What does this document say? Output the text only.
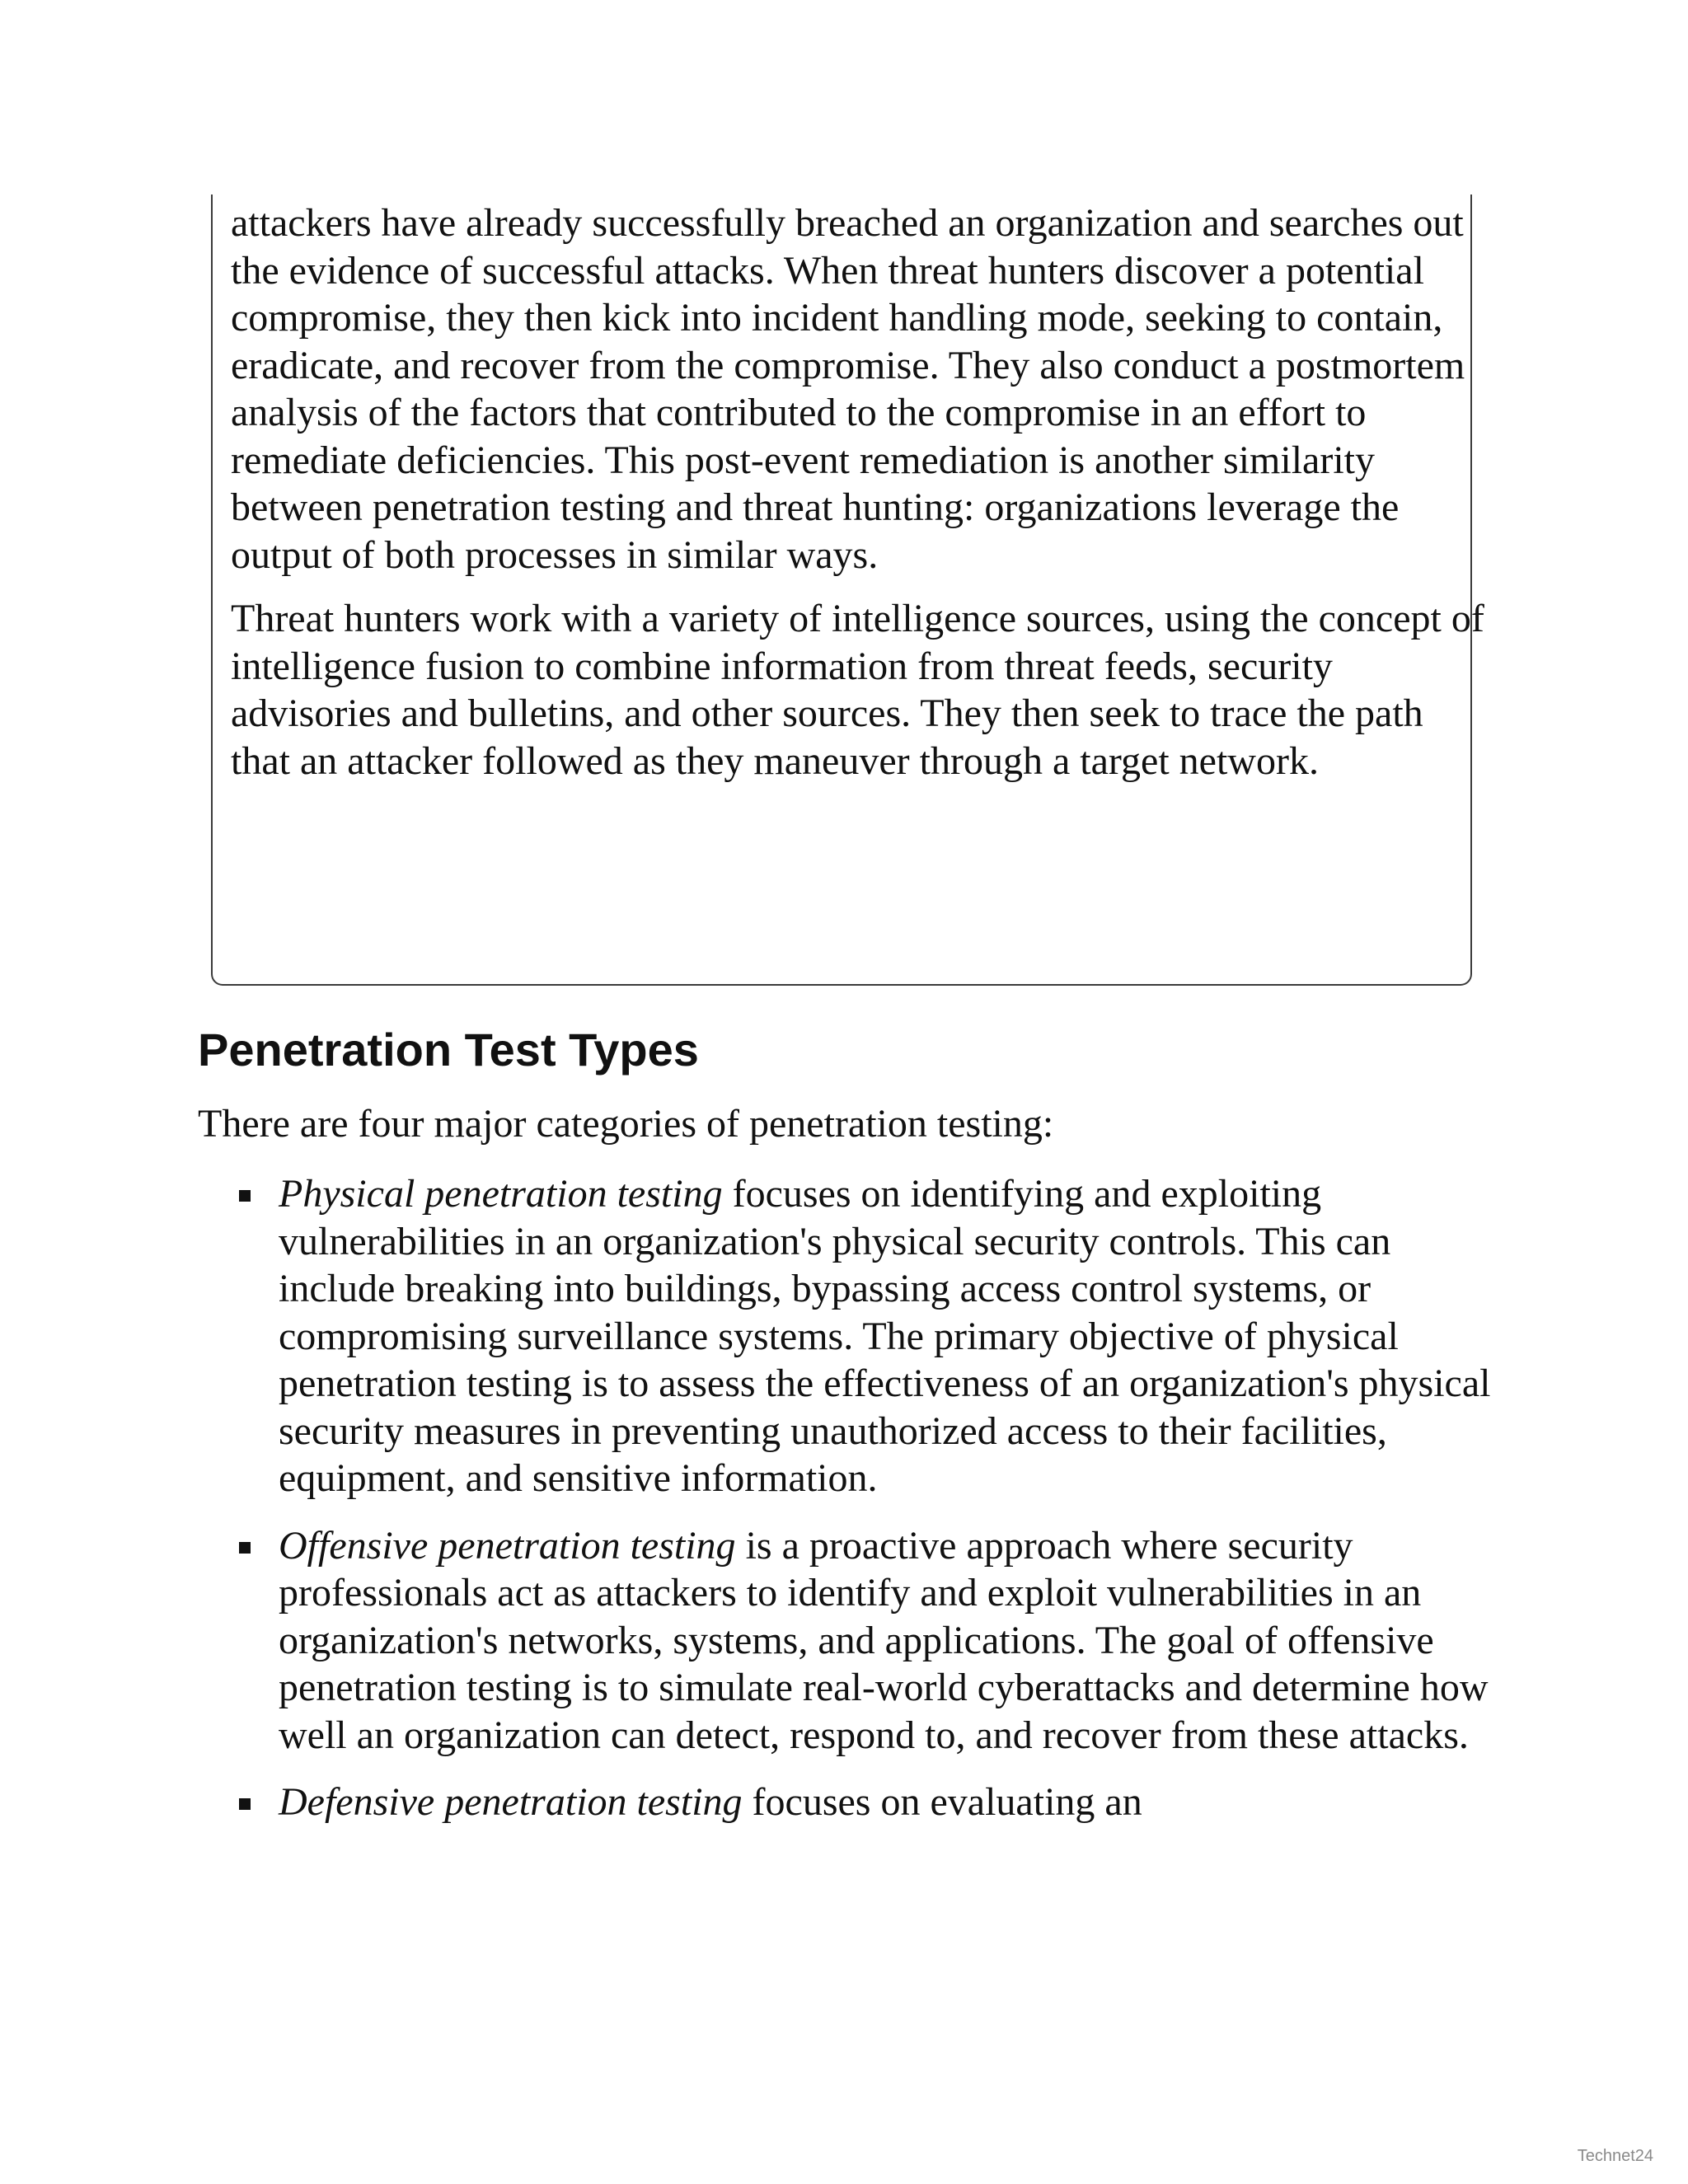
attackers have already successfully breached an organization and searches out the evidence of successful attacks. When threat hunters discover a potential compromise, they then kick into incident handling mode, seeking to contain, eradicate, and recover from the compromise. They also conduct a postmortem analysis of the factors that contributed to the compromise in an effort to remediate deficiencies. This post-event remediation is another similarity between penetration testing and threat hunting: organizations leverage the output of both processes in similar ways.

Threat hunters work with a variety of intelligence sources, using the concept of intelligence fusion to combine information from threat feeds, security advisories and bulletins, and other sources. They then seek to trace the path that an attacker followed as they maneuver through a target network.

Penetration Test Types

There are four major categories of penetration testing:

Physical penetration testing focuses on identifying and exploiting vulnerabilities in an organization's physical security controls. This can include breaking into buildings, bypassing access control systems, or compromising surveillance systems. The primary objective of physical penetration testing is to assess the effectiveness of an organization's physical security measures in preventing unauthorized access to their facilities, equipment, and sensitive information.
Offensive penetration testing is a proactive approach where security professionals act as attackers to identify and exploit vulnerabilities in an organization's networks, systems, and applications. The goal of offensive penetration testing is to simulate real-world cyberattacks and determine how well an organization can detect, respond to, and recover from these attacks.
Defensive penetration testing focuses on evaluating an
Technet24
